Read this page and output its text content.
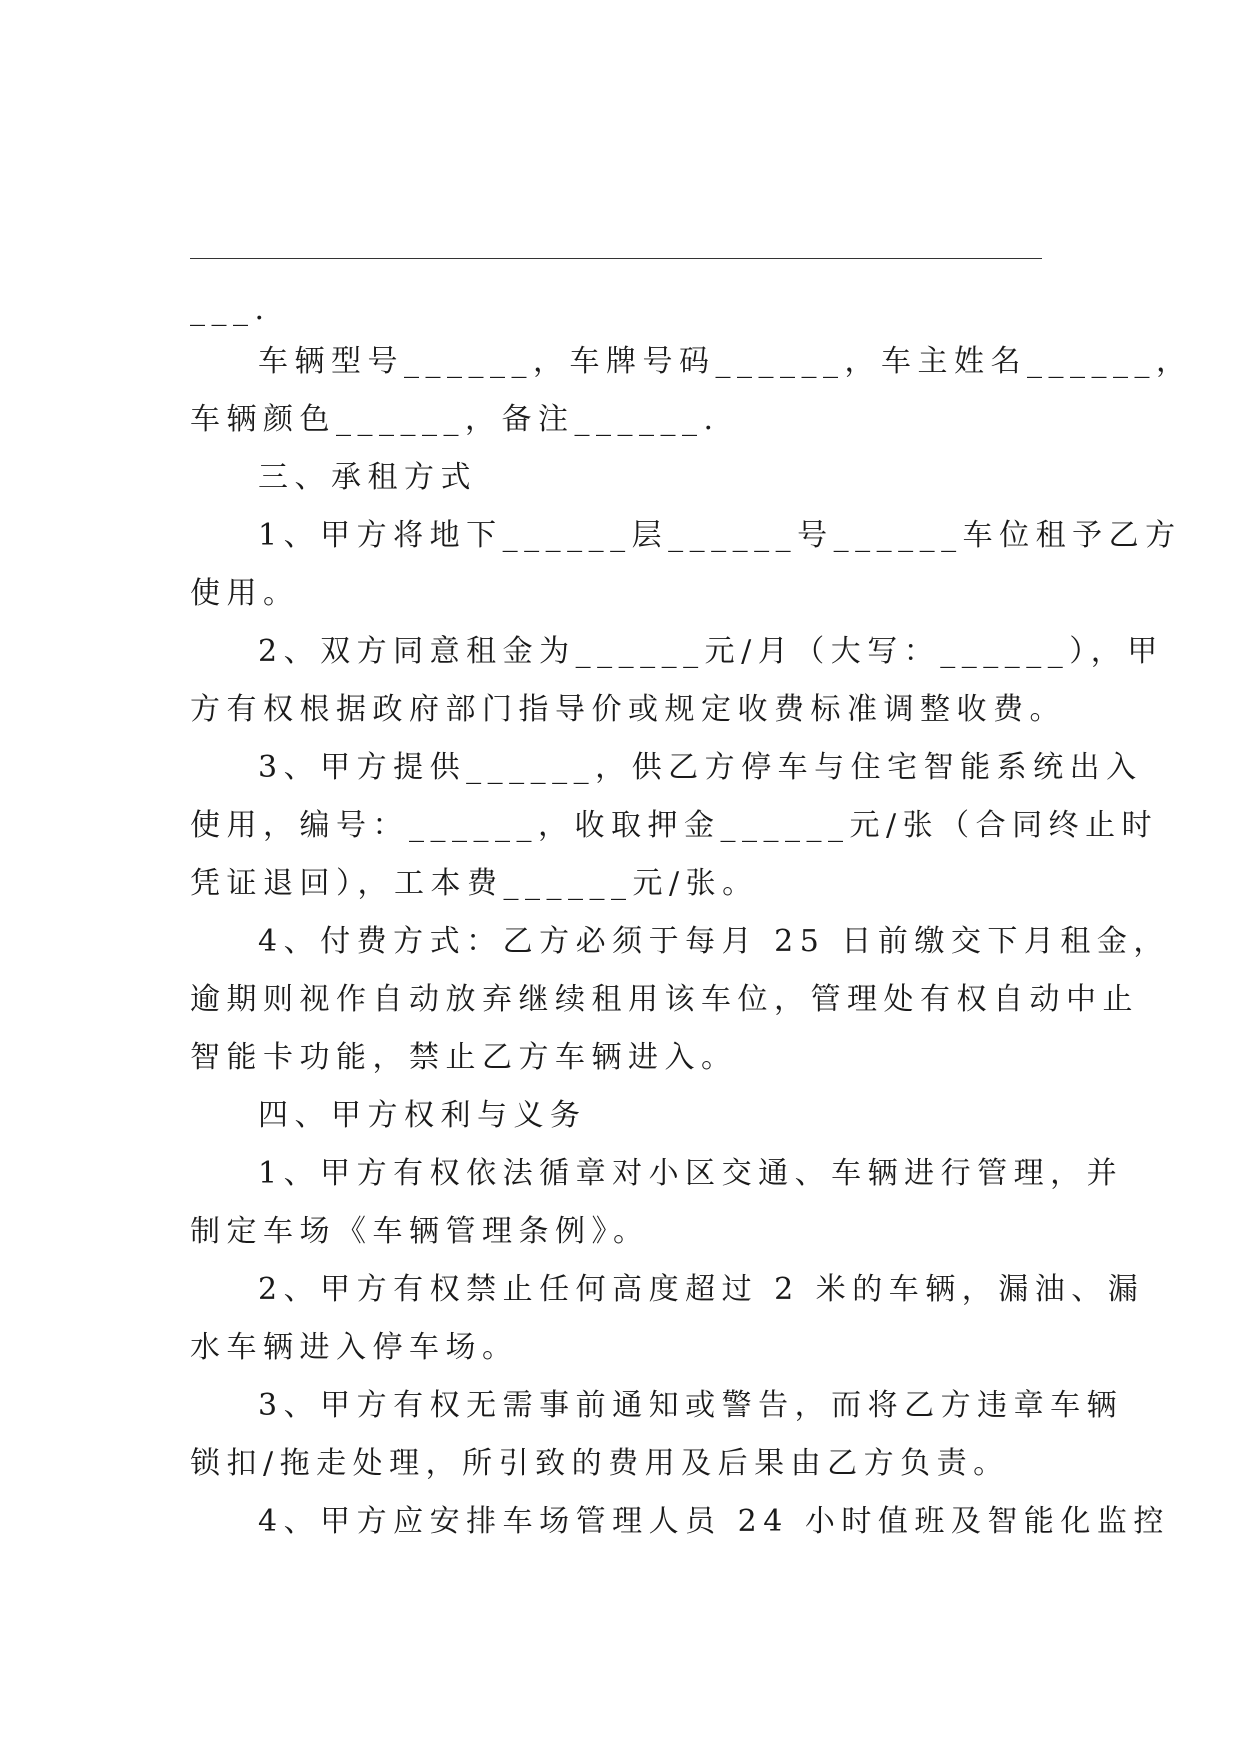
___.
车辆型号______，车牌号码______，车主姓名______，
车辆颜色______，备注______.
三、承租方式
1、甲方将地下______层______号______车位租予乙方
使用。
2、双方同意租金为______元/月（大写：______），甲
方有权根据政府部门指导价或规定收费标准调整收费。
3、甲方提供______，供乙方停车与住宅智能系统出入
使用，编号：______，收取押金______元/张（合同终止时
凭证退回），工本费______元/张。
4、付费方式：乙方必须于每月 25 日前缴交下月租金，
逾期则视作自动放弃继续租用该车位，管理处有权自动中止
智能卡功能，禁止乙方车辆进入。
四、甲方权利与义务
1、甲方有权依法循章对小区交通、车辆进行管理，并
制定车场《车辆管理条例》。
2、甲方有权禁止任何高度超过 2 米的车辆，漏油、漏
水车辆进入停车场。
3、甲方有权无需事前通知或警告，而将乙方违章车辆
锁扣/拖走处理，所引致的费用及后果由乙方负责。
4、甲方应安排车场管理人员 24 小时值班及智能化监控
